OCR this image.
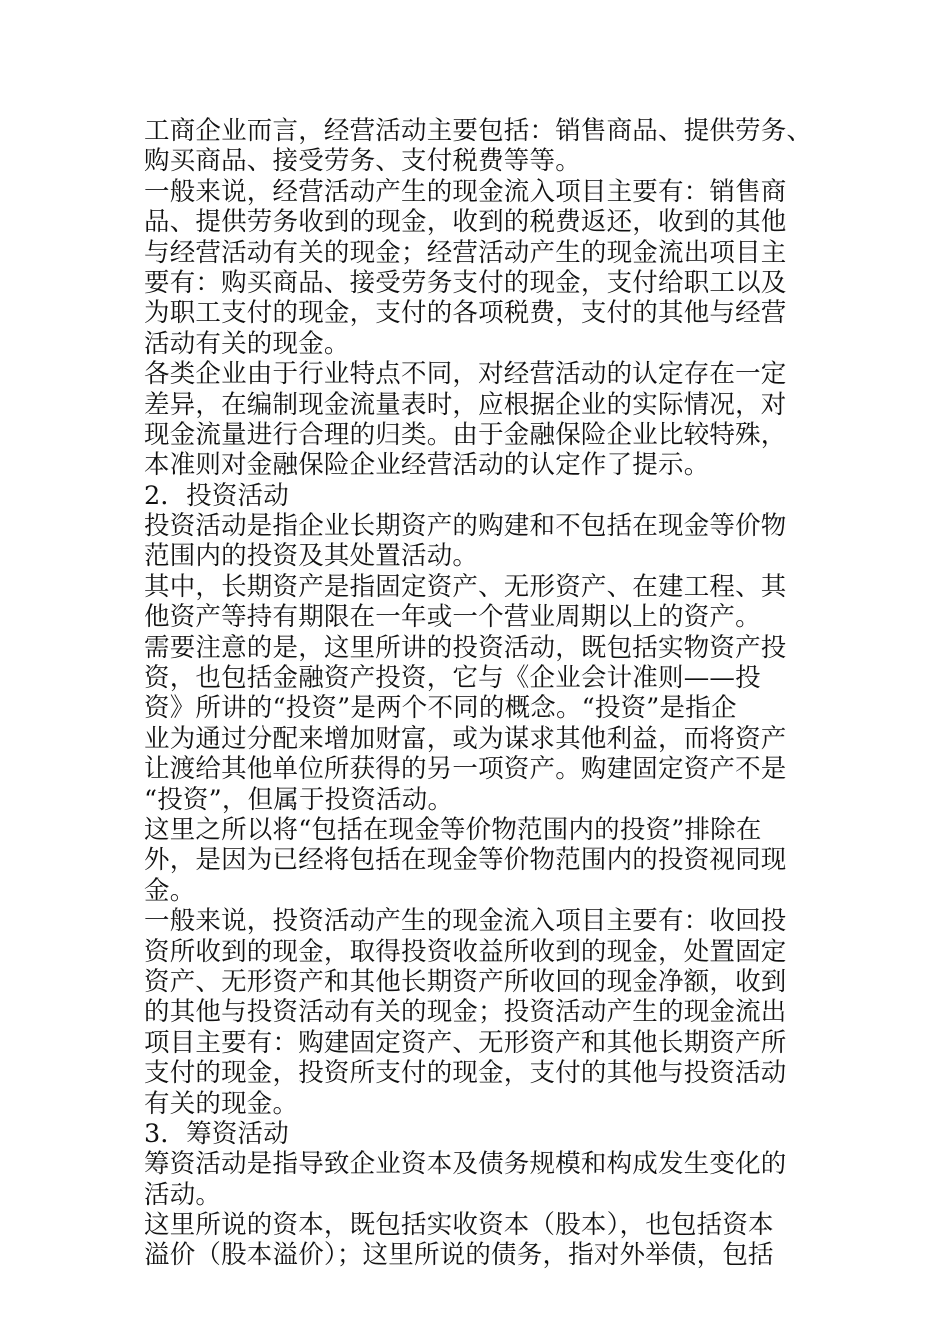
工商企业而言，经营活动主要包括：销售商品、提供劳务、
购买商品、接受劳务、支付税费等等。
一般来说，经营活动产生的现金流入项目主要有：销售商
品、提供劳务收到的现金，收到的税费返还，收到的其他
与经营活动有关的现金；经营活动产生的现金流出项目主
要有：购买商品、接受劳务支付的现金，支付给职工以及
为职工支付的现金，支付的各项税费，支付的其他与经营
活动有关的现金。
各类企业由于行业特点不同，对经营活动的认定存在一定
差异，在编制现金流量表时，应根据企业的实际情况，对
现金流量进行合理的归类。由于金融保险企业比较特殊，
本准则对金融保险企业经营活动的认定作了提示。
2．投资活动
投资活动是指企业长期资产的购建和不包括在现金等价物
范围内的投资及其处置活动。
其中，长期资产是指固定资产、无形资产、在建工程、其
他资产等持有期限在一年或一个营业周期以上的资产。
需要注意的是，这里所讲的投资活动，既包括实物资产投
资，也包括金融资产投资，它与《企业会计准则——投
资》所讲的“投资”是两个不同的概念。“投资”是指企
业为通过分配来增加财富，或为谋求其他利益，而将资产
让渡给其他单位所获得的另一项资产。购建固定资产不是
“投资”，但属于投资活动。
这里之所以将“包括在现金等价物范围内的投资”排除在
外，是因为已经将包括在现金等价物范围内的投资视同现
金。
一般来说，投资活动产生的现金流入项目主要有：收回投
资所收到的现金，取得投资收益所收到的现金，处置固定
资产、无形资产和其他长期资产所收回的现金净额，收到
的其他与投资活动有关的现金；投资活动产生的现金流出
项目主要有：购建固定资产、无形资产和其他长期资产所
支付的现金，投资所支付的现金，支付的其他与投资活动
有关的现金。
3．筹资活动
筹资活动是指导致企业资本及债务规模和构成发生变化的
活动。
这里所说的资本，既包括实收资本（股本），也包括资本
溢价（股本溢价）；这里所说的债务，指对外举债，包括
